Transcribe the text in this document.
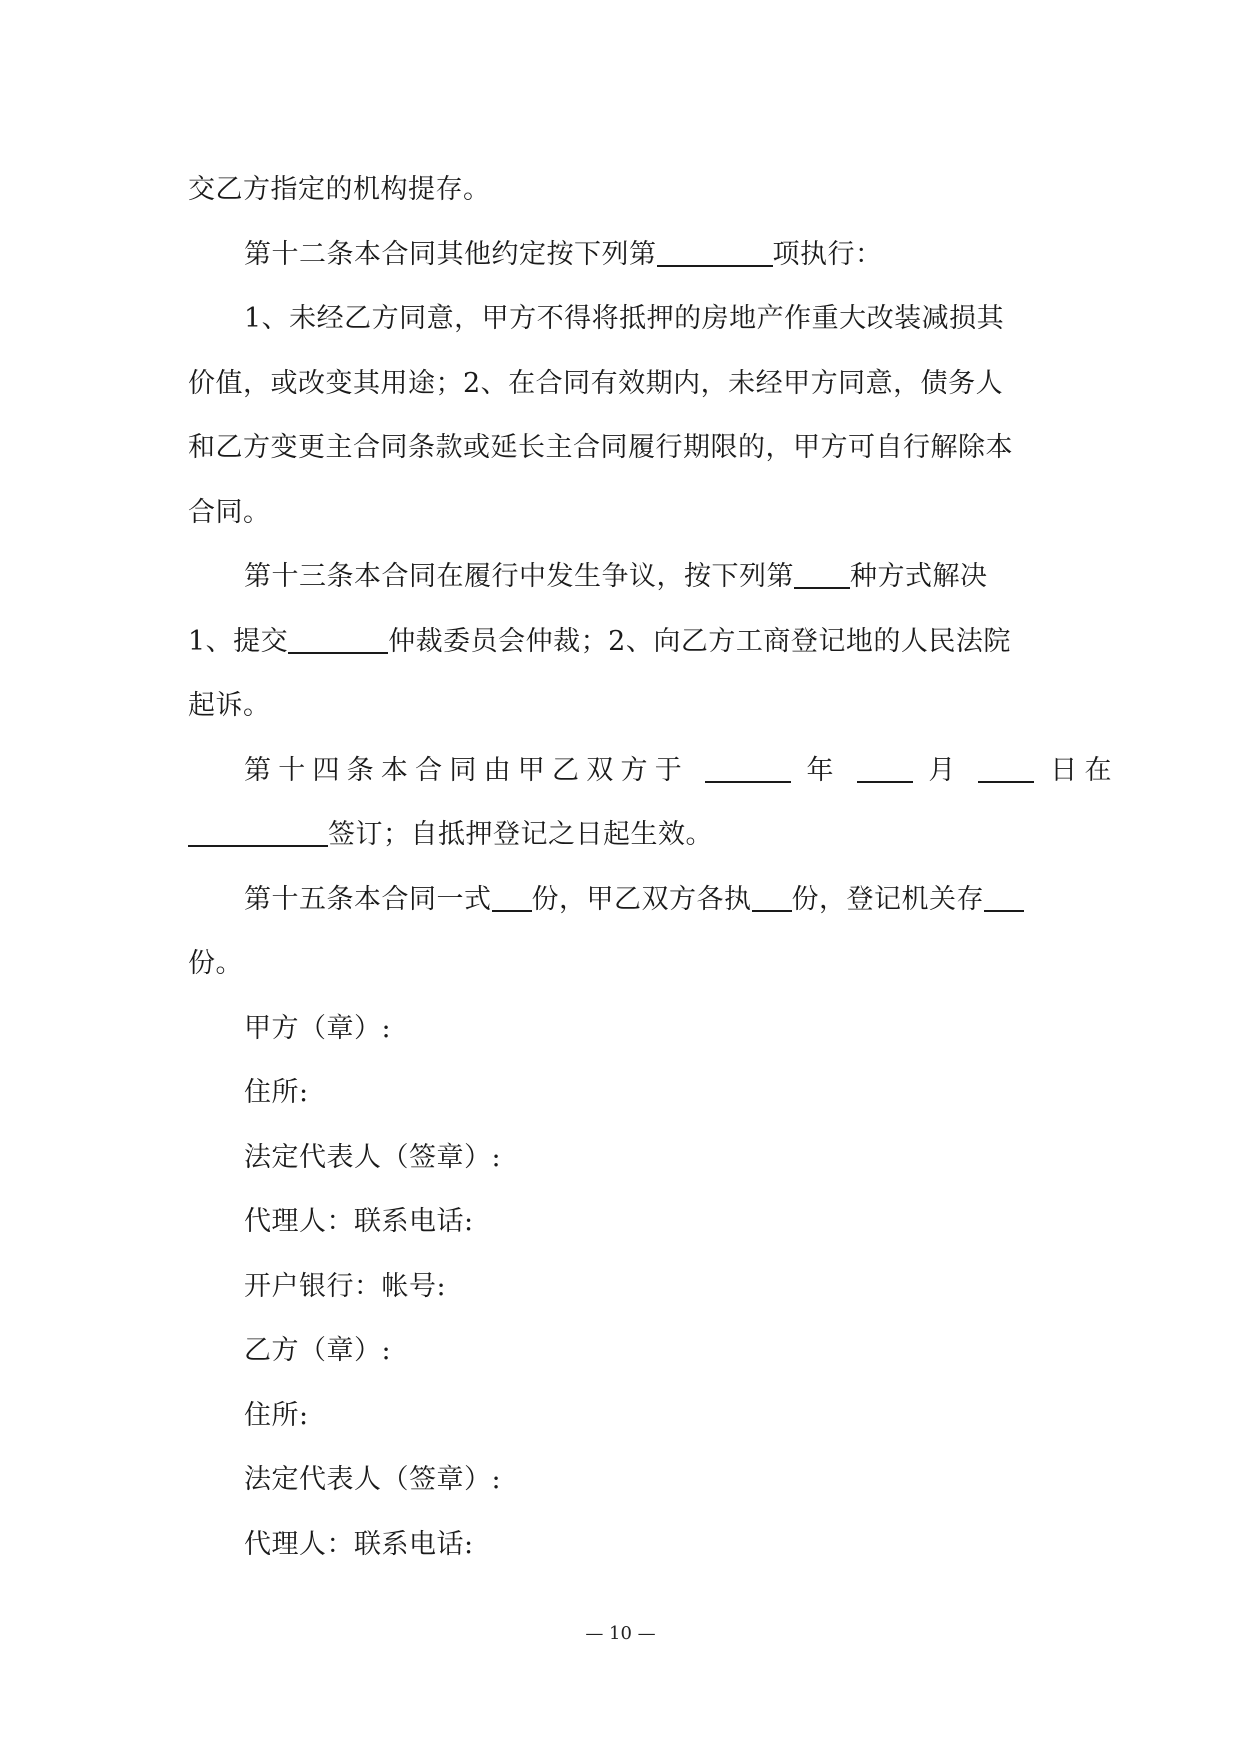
交乙方指定的机构提存。
第十二条本合同其他约定按下列第	项执行：
1、未经乙方同意，甲方不得将抵押的房地产作重大改装减损其
价值，或改变其用途；2、在合同有效期内，未经甲方同意，债务人
和乙方变更主合同条款或延长主合同履行期限的，甲方可自行解除本
合同。
第十三条本合同在履行中发生争议，按下列第 种方式解决
1、提交	仲裁委员会仲裁；2、向乙方工商登记地的人民法院
起诉。
第十四条本合同由甲乙双方于	年	月	日在
签订；自抵押登记之日起生效。
第十五条本合同一式 份，甲乙双方各执 份，登记机关存
份。
甲方（章）:
住所:
法定代表人（签章）:
代理人：联系电话:
开户银行：帐号:
乙方（章）:
住所:
法定代表人（签章）:
代理人：联系电话:
— 10 —
